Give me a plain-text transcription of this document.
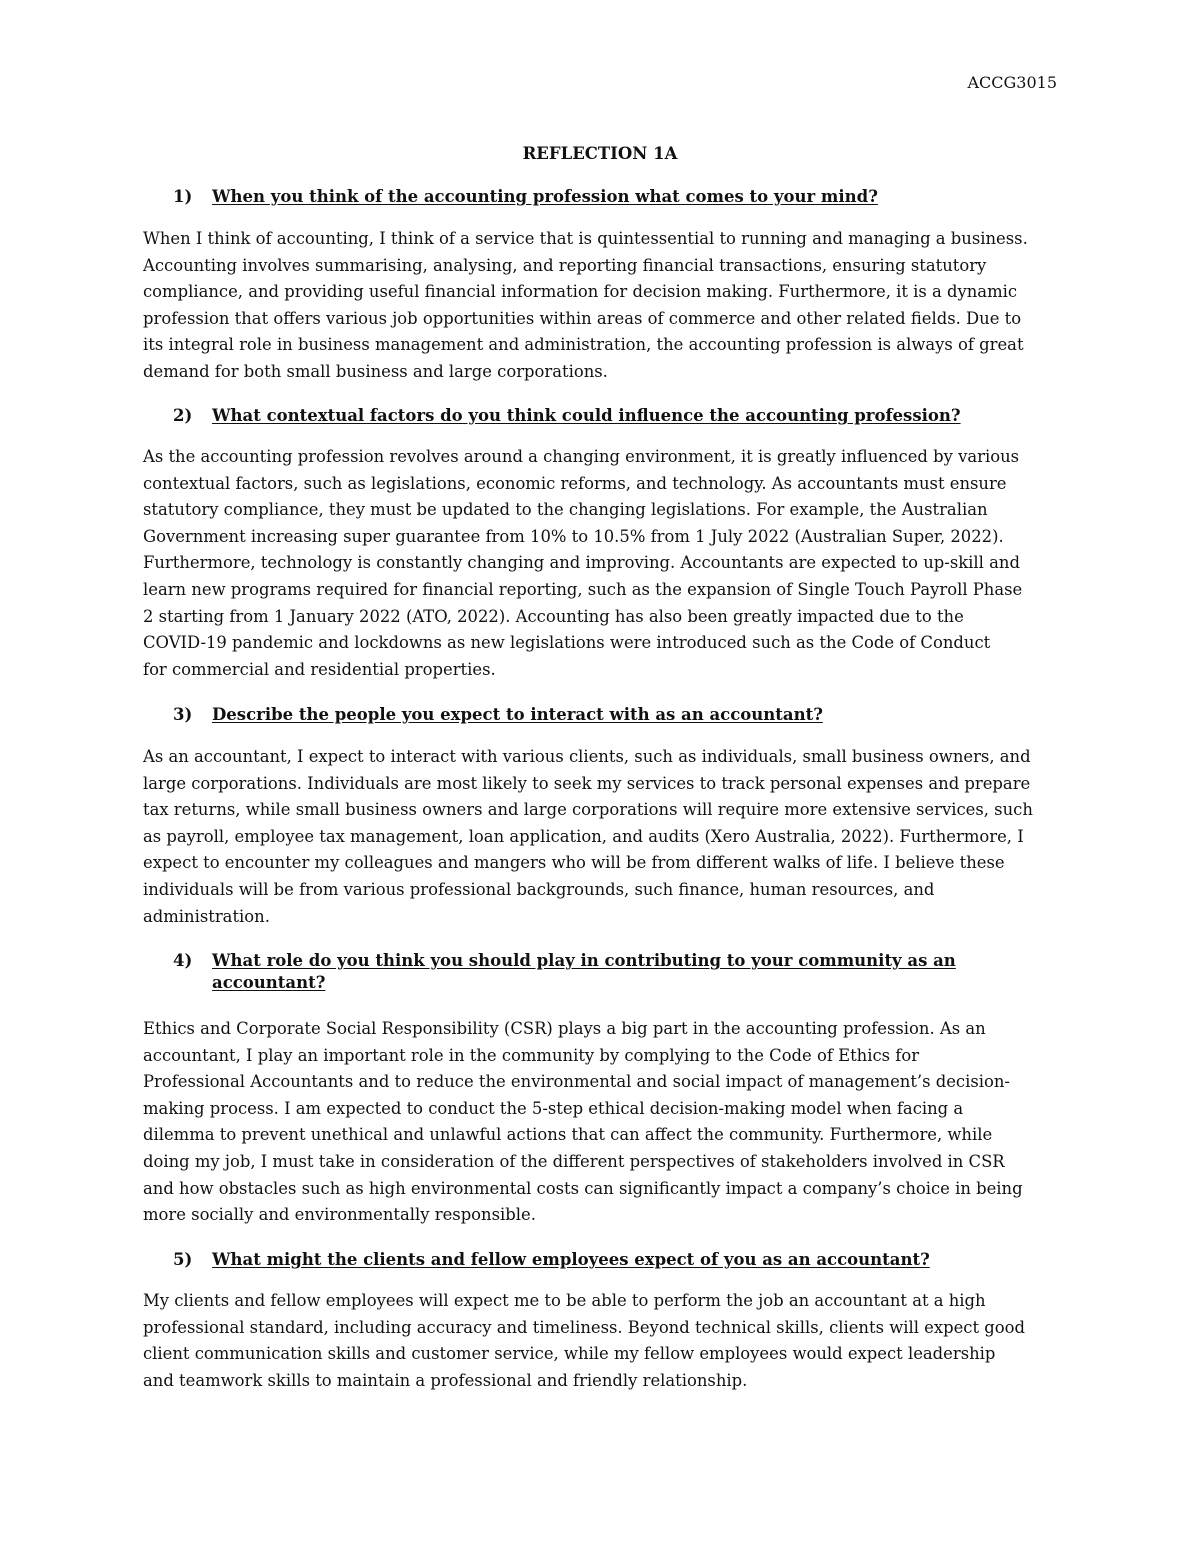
ACCG3015
REFLECTION 1A
1) When you think of the accounting profession what comes to your mind?
When I think of accounting, I think of a service that is quintessential to running and managing a business.
Accounting involves summarising, analysing, and reporting financial transactions, ensuring statutory
compliance, and providing useful financial information for decision making. Furthermore, it is a dynamic
profession that offers various job opportunities within areas of commerce and other related fields. Due to
its integral role in business management and administration, the accounting profession is always of great
demand for both small business and large corporations.
2) What contextual factors do you think could influence the accounting profession?
As the accounting profession revolves around a changing environment, it is greatly influenced by various
contextual factors, such as legislations, economic reforms, and technology. As accountants must ensure
statutory compliance, they must be updated to the changing legislations. For example, the Australian
Government increasing super guarantee from 10% to 10.5% from 1 July 2022 (Australian Super, 2022).
Furthermore, technology is constantly changing and improving. Accountants are expected to up-skill and
learn new programs required for financial reporting, such as the expansion of Single Touch Payroll Phase
2 starting from 1 January 2022 (ATO, 2022). Accounting has also been greatly impacted due to the
COVID-19 pandemic and lockdowns as new legislations were introduced such as the Code of Conduct
for commercial and residential properties.
3) Describe the people you expect to interact with as an accountant?
As an accountant, I expect to interact with various clients, such as individuals, small business owners, and
large corporations. Individuals are most likely to seek my services to track personal expenses and prepare
tax returns, while small business owners and large corporations will require more extensive services, such
as payroll, employee tax management, loan application, and audits (Xero Australia, 2022). Furthermore, I
expect to encounter my colleagues and mangers who will be from different walks of life. I believe these
individuals will be from various professional backgrounds, such finance, human resources, and
administration.
4) What role do you think you should play in contributing to your community as an
accountant?
Ethics and Corporate Social Responsibility (CSR) plays a big part in the accounting profession. As an
accountant, I play an important role in the community by complying to the Code of Ethics for
Professional Accountants and to reduce the environmental and social impact of management’s decision-
making process. I am expected to conduct the 5-step ethical decision-making model when facing a
dilemma to prevent unethical and unlawful actions that can affect the community. Furthermore, while
doing my job, I must take in consideration of the different perspectives of stakeholders involved in CSR
and how obstacles such as high environmental costs can significantly impact a company’s choice in being
more socially and environmentally responsible.
5) What might the clients and fellow employees expect of you as an accountant?
My clients and fellow employees will expect me to be able to perform the job an accountant at a high
professional standard, including accuracy and timeliness. Beyond technical skills, clients will expect good
client communication skills and customer service, while my fellow employees would expect leadership
and teamwork skills to maintain a professional and friendly relationship.
